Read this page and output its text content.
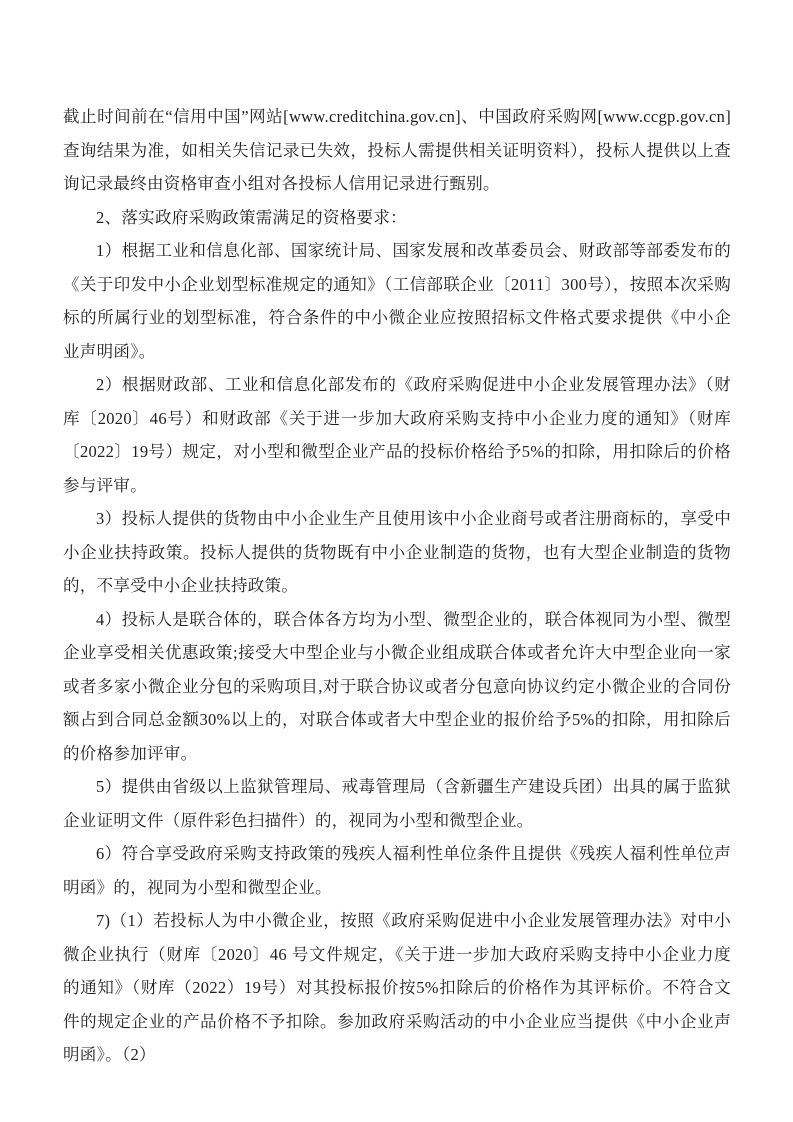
截止时间前在“信用中国”网站[www.creditchina.gov.cn]、中国政府采购网[www.ccgp.gov.cn]查询结果为准，如相关失信记录已失效，投标人需提供相关证明资料），投标人提供以上查询记录最终由资格审查小组对各投标人信用记录进行甄别。

2、落实政府采购政策需满足的资格要求：

1）根据工业和信息化部、国家统计局、国家发展和改革委员会、财政部等部委发布的《关于印发中小企业划型标准规定的通知》（工信部联企业〔2011〕300号），按照本次采购标的所属行业的划型标准，符合条件的中小微企业应按照招标文件格式要求提供《中小企业声明函》。

2）根据财政部、工业和信息化部发布的《政府采购促进中小企业发展管理办法》（财库〔2020〕46号）和财政部《关于进一步加大政府采购支持中小企业力度的通知》（财库〔2022〕19号）规定，对小型和微型企业产品的投标价格给予5%的扣除，用扣除后的价格参与评审。

3）投标人提供的货物由中小企业生产且使用该中小企业商号或者注册商标的，享受中小企业扶持政策。投标人提供的货物既有中小企业制造的货物，也有大型企业制造的货物的，不享受中小企业扶持政策。

4）投标人是联合体的，联合体各方均为小型、微型企业的，联合体视同为小型、微型企业享受相关优惠政策;接受大中型企业与小微企业组成联合体或者允许大中型企业向一家或者多家小微企业分包的采购项目,对于联合协议或者分包意向协议约定小微企业的合同份额占到合同总金额30%以上的，对联合体或者大中型企业的报价给予5%的扣除，用扣除后的价格参加评审。

5）提供由省级以上监狱管理局、戒毒管理局（含新疆生产建设兵团）出具的属于监狱企业证明文件（原件彩色扫描件）的，视同为小型和微型企业。

6）符合享受政府采购支持政策的残疾人福利性单位条件且提供《残疾人福利性单位声明函》的，视同为小型和微型企业。

7)（1）若投标人为中小微企业，按照《政府采购促进中小企业发展管理办法》对中小微企业执行（财库〔2020〕46 号文件规定，《关于进一步加大政府采购支持中小企业力度的通知》（财库（2022）19号）对其投标报价按5%扣除后的价格作为其评标价。不符合文件的规定企业的产品价格不予扣除。参加政府采购活动的中小企业应当提供《中小企业声明函》。（2）
